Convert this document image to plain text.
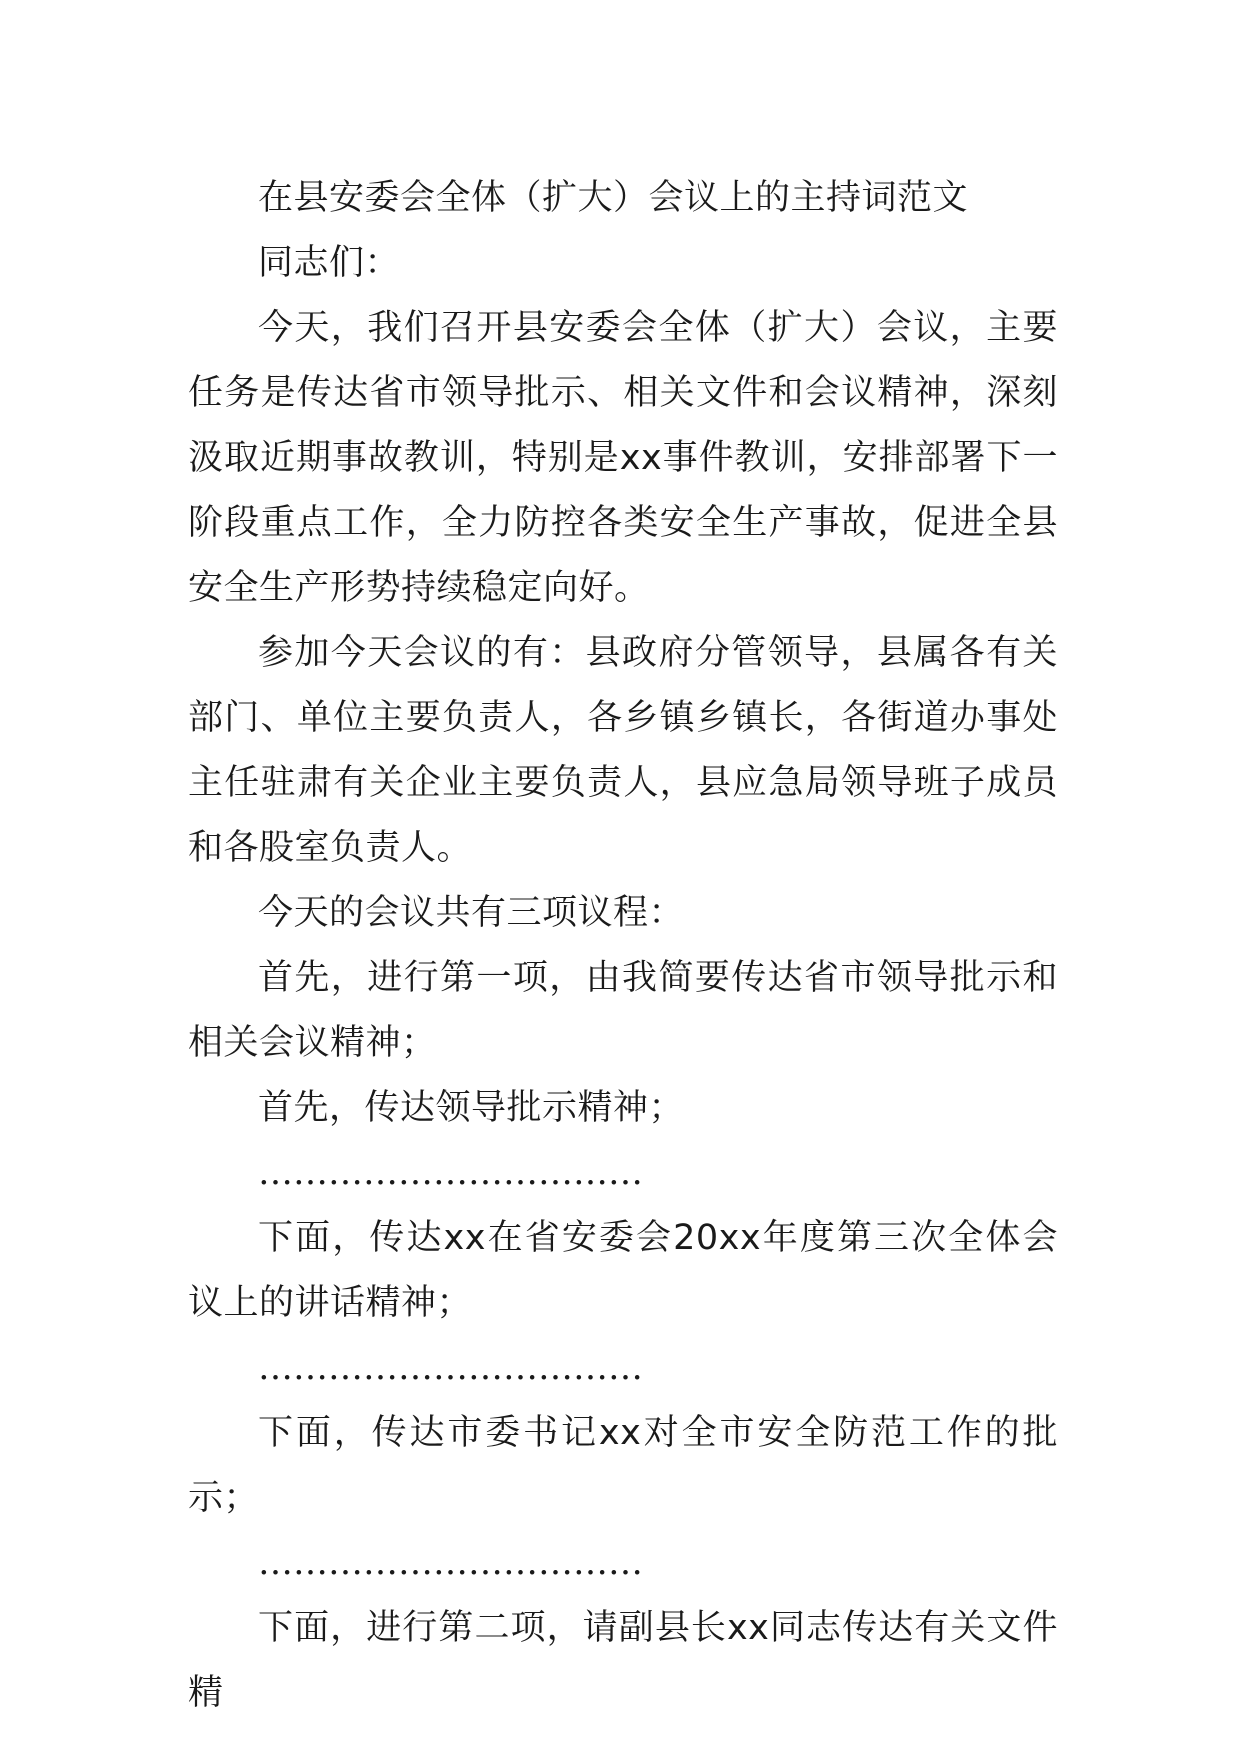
在县安委会全体（扩大）会议上的主持词范文

同志们：

今天，我们召开县安委会全体（扩大）会议，主要任务是传达省市领导批示、相关文件和会议精神，深刻汲取近期事故教训，特别是xx事件教训，安排部署下一阶段重点工作，全力防控各类安全生产事故，促进全县安全生产形势持续稳定向好。

参加今天会议的有：县政府分管领导，县属各有关部门、单位主要负责人，各乡镇乡镇长，各街道办事处主任驻肃有关企业主要负责人，县应急局领导班子成员和各股室负责人。

今天的会议共有三项议程：

首先，进行第一项，由我简要传达省市领导批示和相关会议精神；

首先，传达领导批示精神；

……………………………

下面，传达xx在省安委会20xx年度第三次全体会议上的讲话精神；

……………………………

下面，传达市委书记xx对全市安全防范工作的批示；

……………………………

下面，进行第二项，请副县长xx同志传达有关文件精
